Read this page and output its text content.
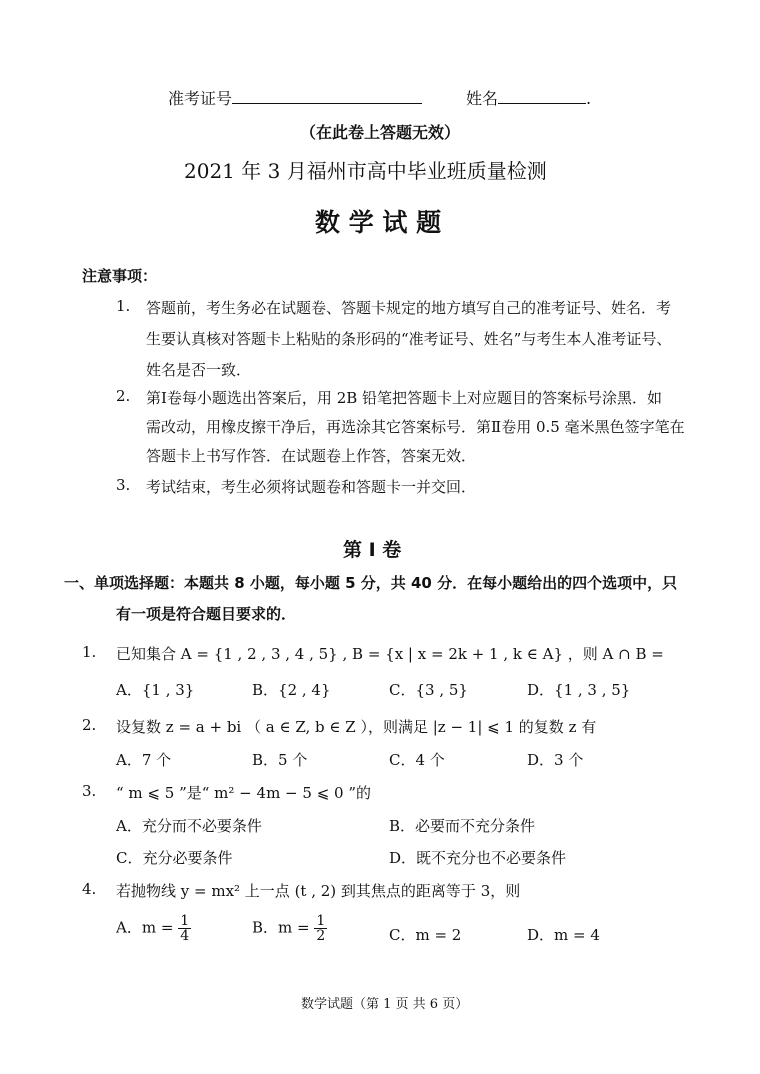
准考证号	姓名	.
（在此卷上答题无效）
2021 年 3 月福州市高中毕业班质量检测
数 学 试 题
注意事项：
1. 答题前，考生务必在试题卷、答题卡规定的地方填写自己的准考证号、姓名．考
生要认真核对答题卡上粘贴的条形码的“准考证号、姓名”与考生本人准考证号、
姓名是否一致．
2. 第Ⅰ卷每小题选出答案后，用 2B 铅笔把答题卡上对应题目的答案标号涂黑．如
需改动，用橡皮擦干净后，再选涂其它答案标号．第Ⅱ卷用 0.5 毫米黑色签字笔在
答题卡上书写作答．在试题卷上作答，答案无效．
3. 考试结束，考生必须将试题卷和答题卡一并交回．
第 Ⅰ 卷
一、单项选择题：本题共 8 小题，每小题 5 分，共 40 分．在每小题给出的四个选项中，只
有一项是符合题目要求的．
1. 已知集合 A = {1 , 2 , 3 , 4 , 5} , B = {x | x = 2k + 1 , k ∈ A} ，则 A ∩ B =
A．{1 , 3}	B．{2 , 4}	C．{3 , 5}	D．{1 , 3 , 5}
2. 设复数 z = a + bi （ a ∈ Z, b ∈ Z ），则满足 |z − 1| ⩽ 1 的复数 z 有
A．7 个	B．5 个	C．4 个	D．3 个
3. “ m ⩽ 5 ”是“ m² − 4m − 5 ⩽ 0 ”的
A．充分而不必要条件	B．必要而不充分条件
C．充分必要条件	D．既不充分也不必要条件
4. 若抛物线 y = mx² 上一点 (t , 2) 到其焦点的距离等于 3，则
A．$m = \frac{1}{4}$	B．$m = \frac{1}{2}$	C．m = 2	D．m = 4
数学试题（第 1 页 共 6 页）
